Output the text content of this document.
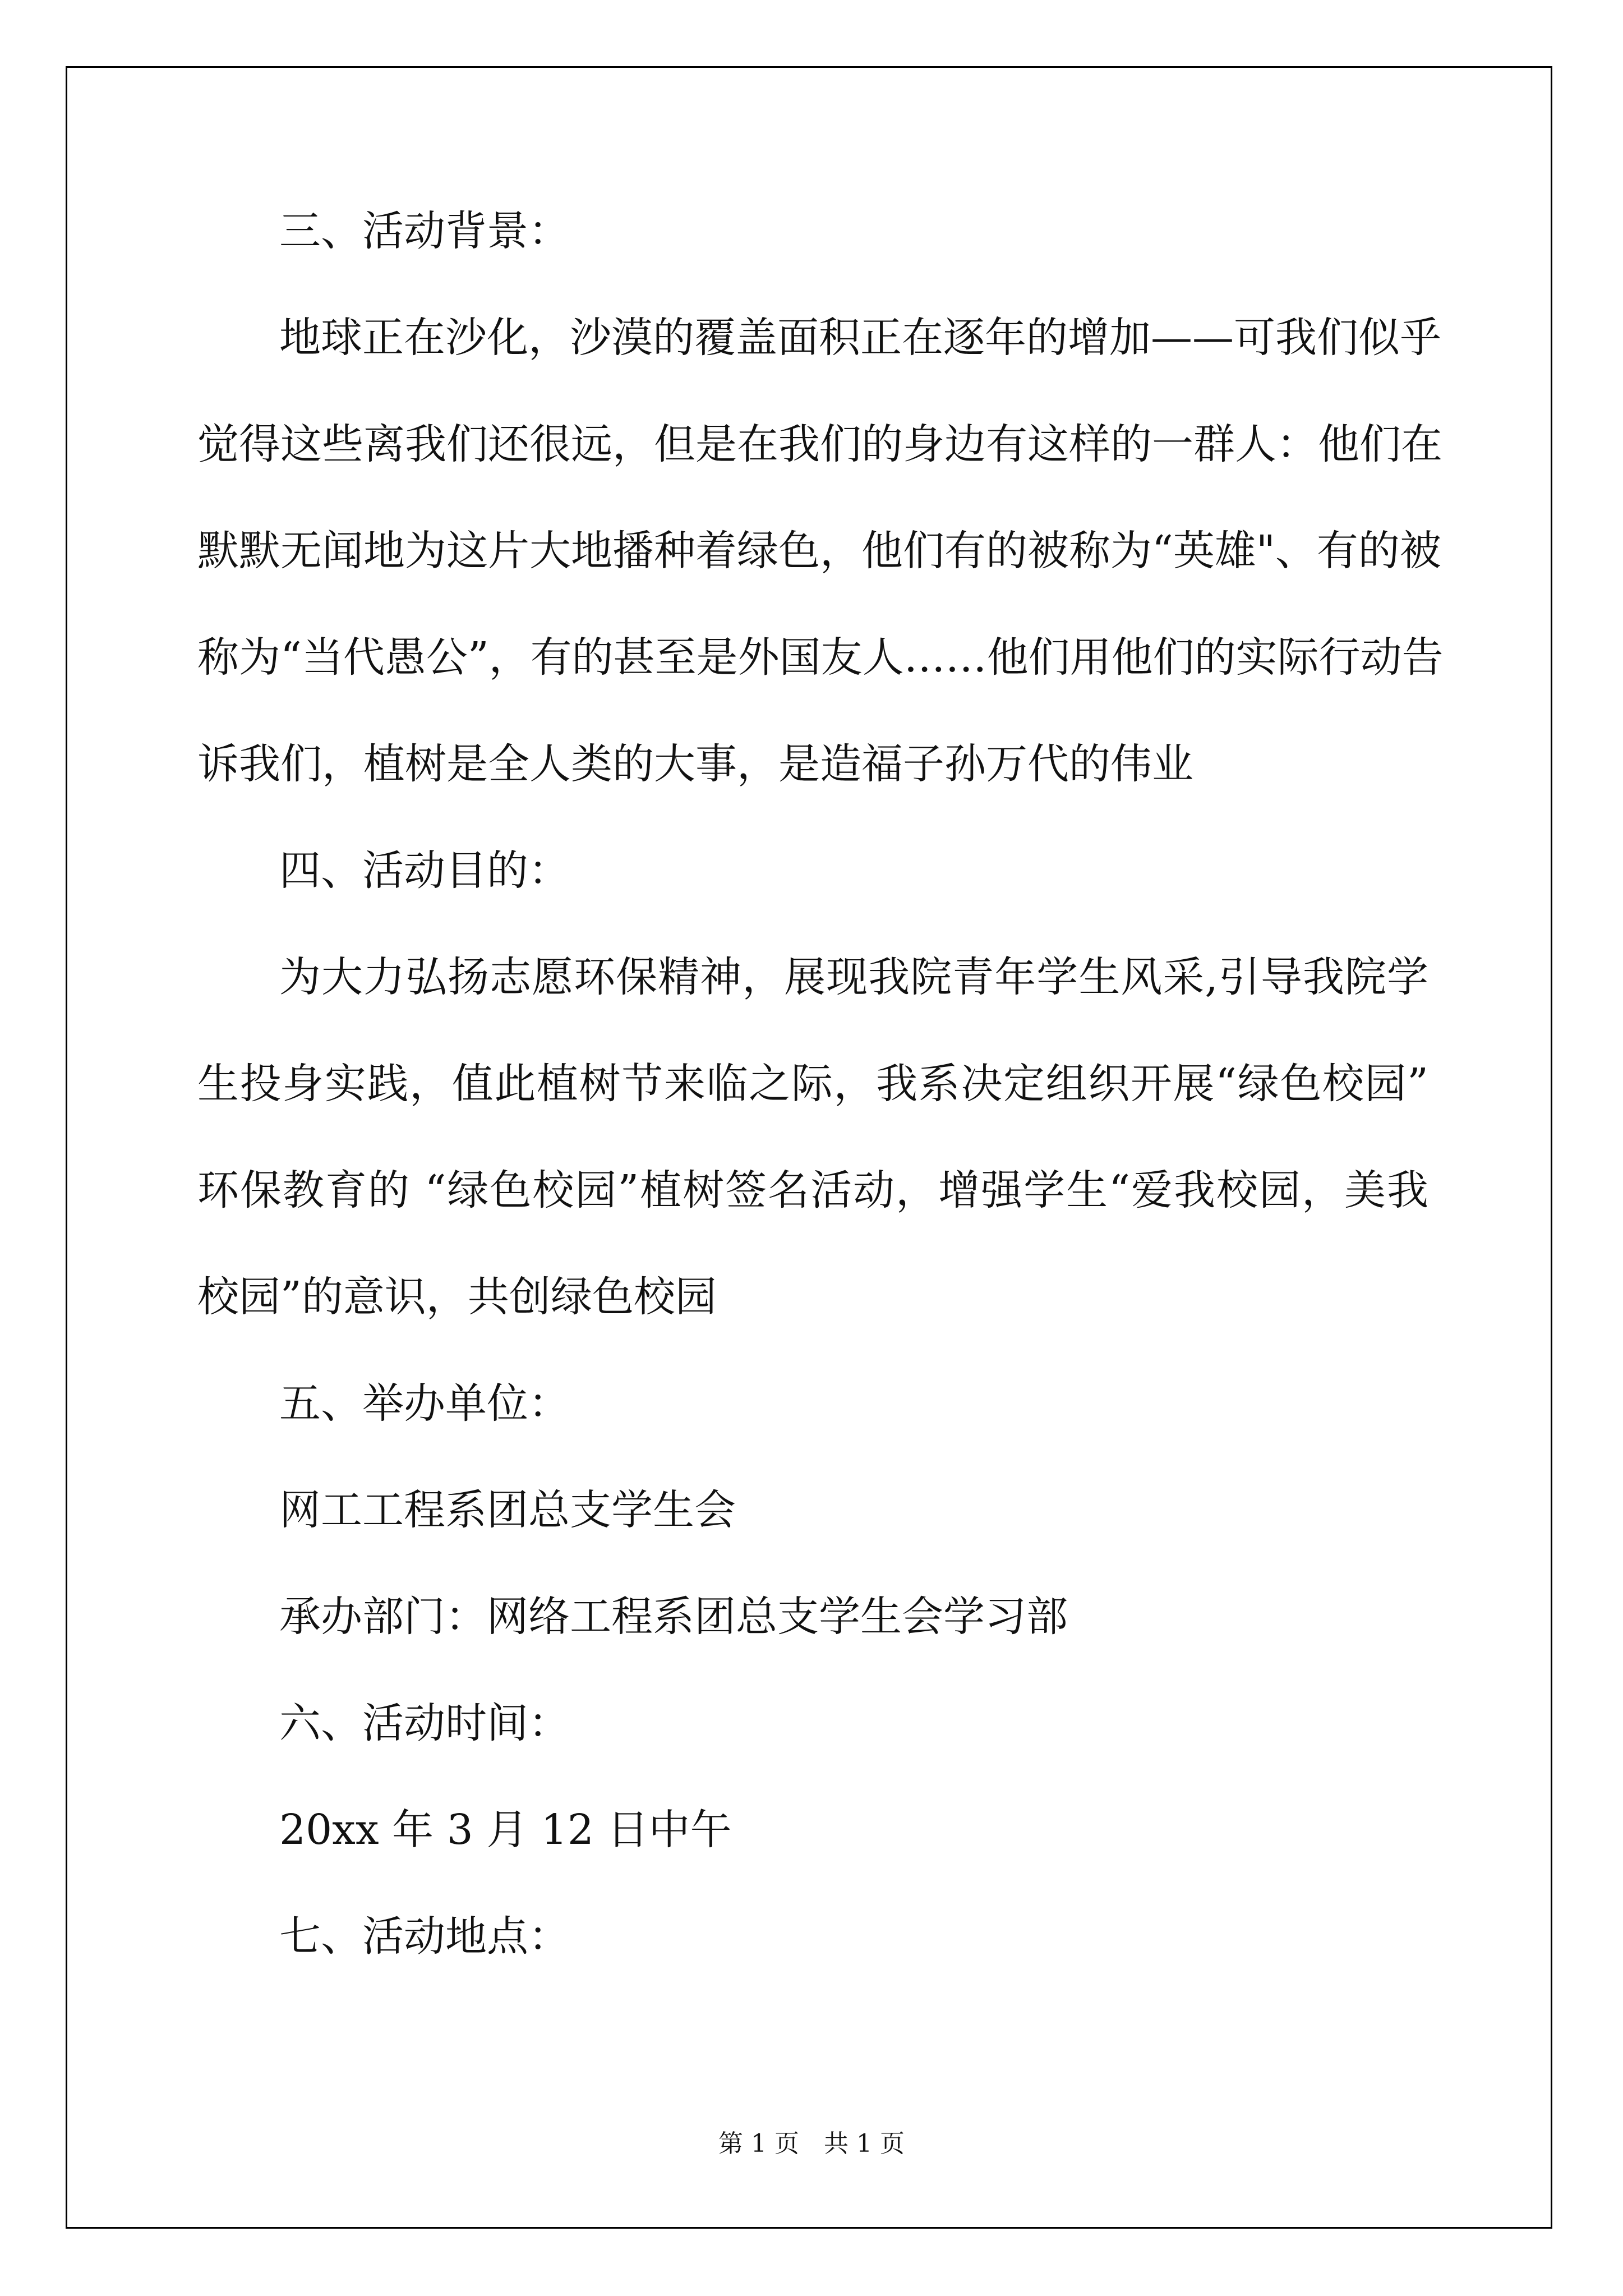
三、活动背景：
地球正在沙化，沙漠的覆盖面积正在逐年的增加——可我们似乎
觉得这些离我们还很远，但是在我们的身边有这样的一群人：他们在
默默无闻地为这片大地播种着绿色，他们有的被称为“英雄"、有的被
称为“当代愚公”，有的甚至是外国友人……他们用他们的实际行动告
诉我们，植树是全人类的大事，是造福子孙万代的伟业
四、活动目的：
为大力弘扬志愿环保精神，展现我院青年学生风采,引导我院学
生投身实践，值此植树节来临之际，我系决定组织开展“绿色校园”
环保教育的 “绿色校园”植树签名活动，增强学生“爱我校园，美我
校园”的意识，共创绿色校园
五、举办单位：
网工工程系团总支学生会
承办部门：网络工程系团总支学生会学习部
六、活动时间：
20xx 年 3 月 12 日中午
七、活动地点：
第 1 页　共 1 页
